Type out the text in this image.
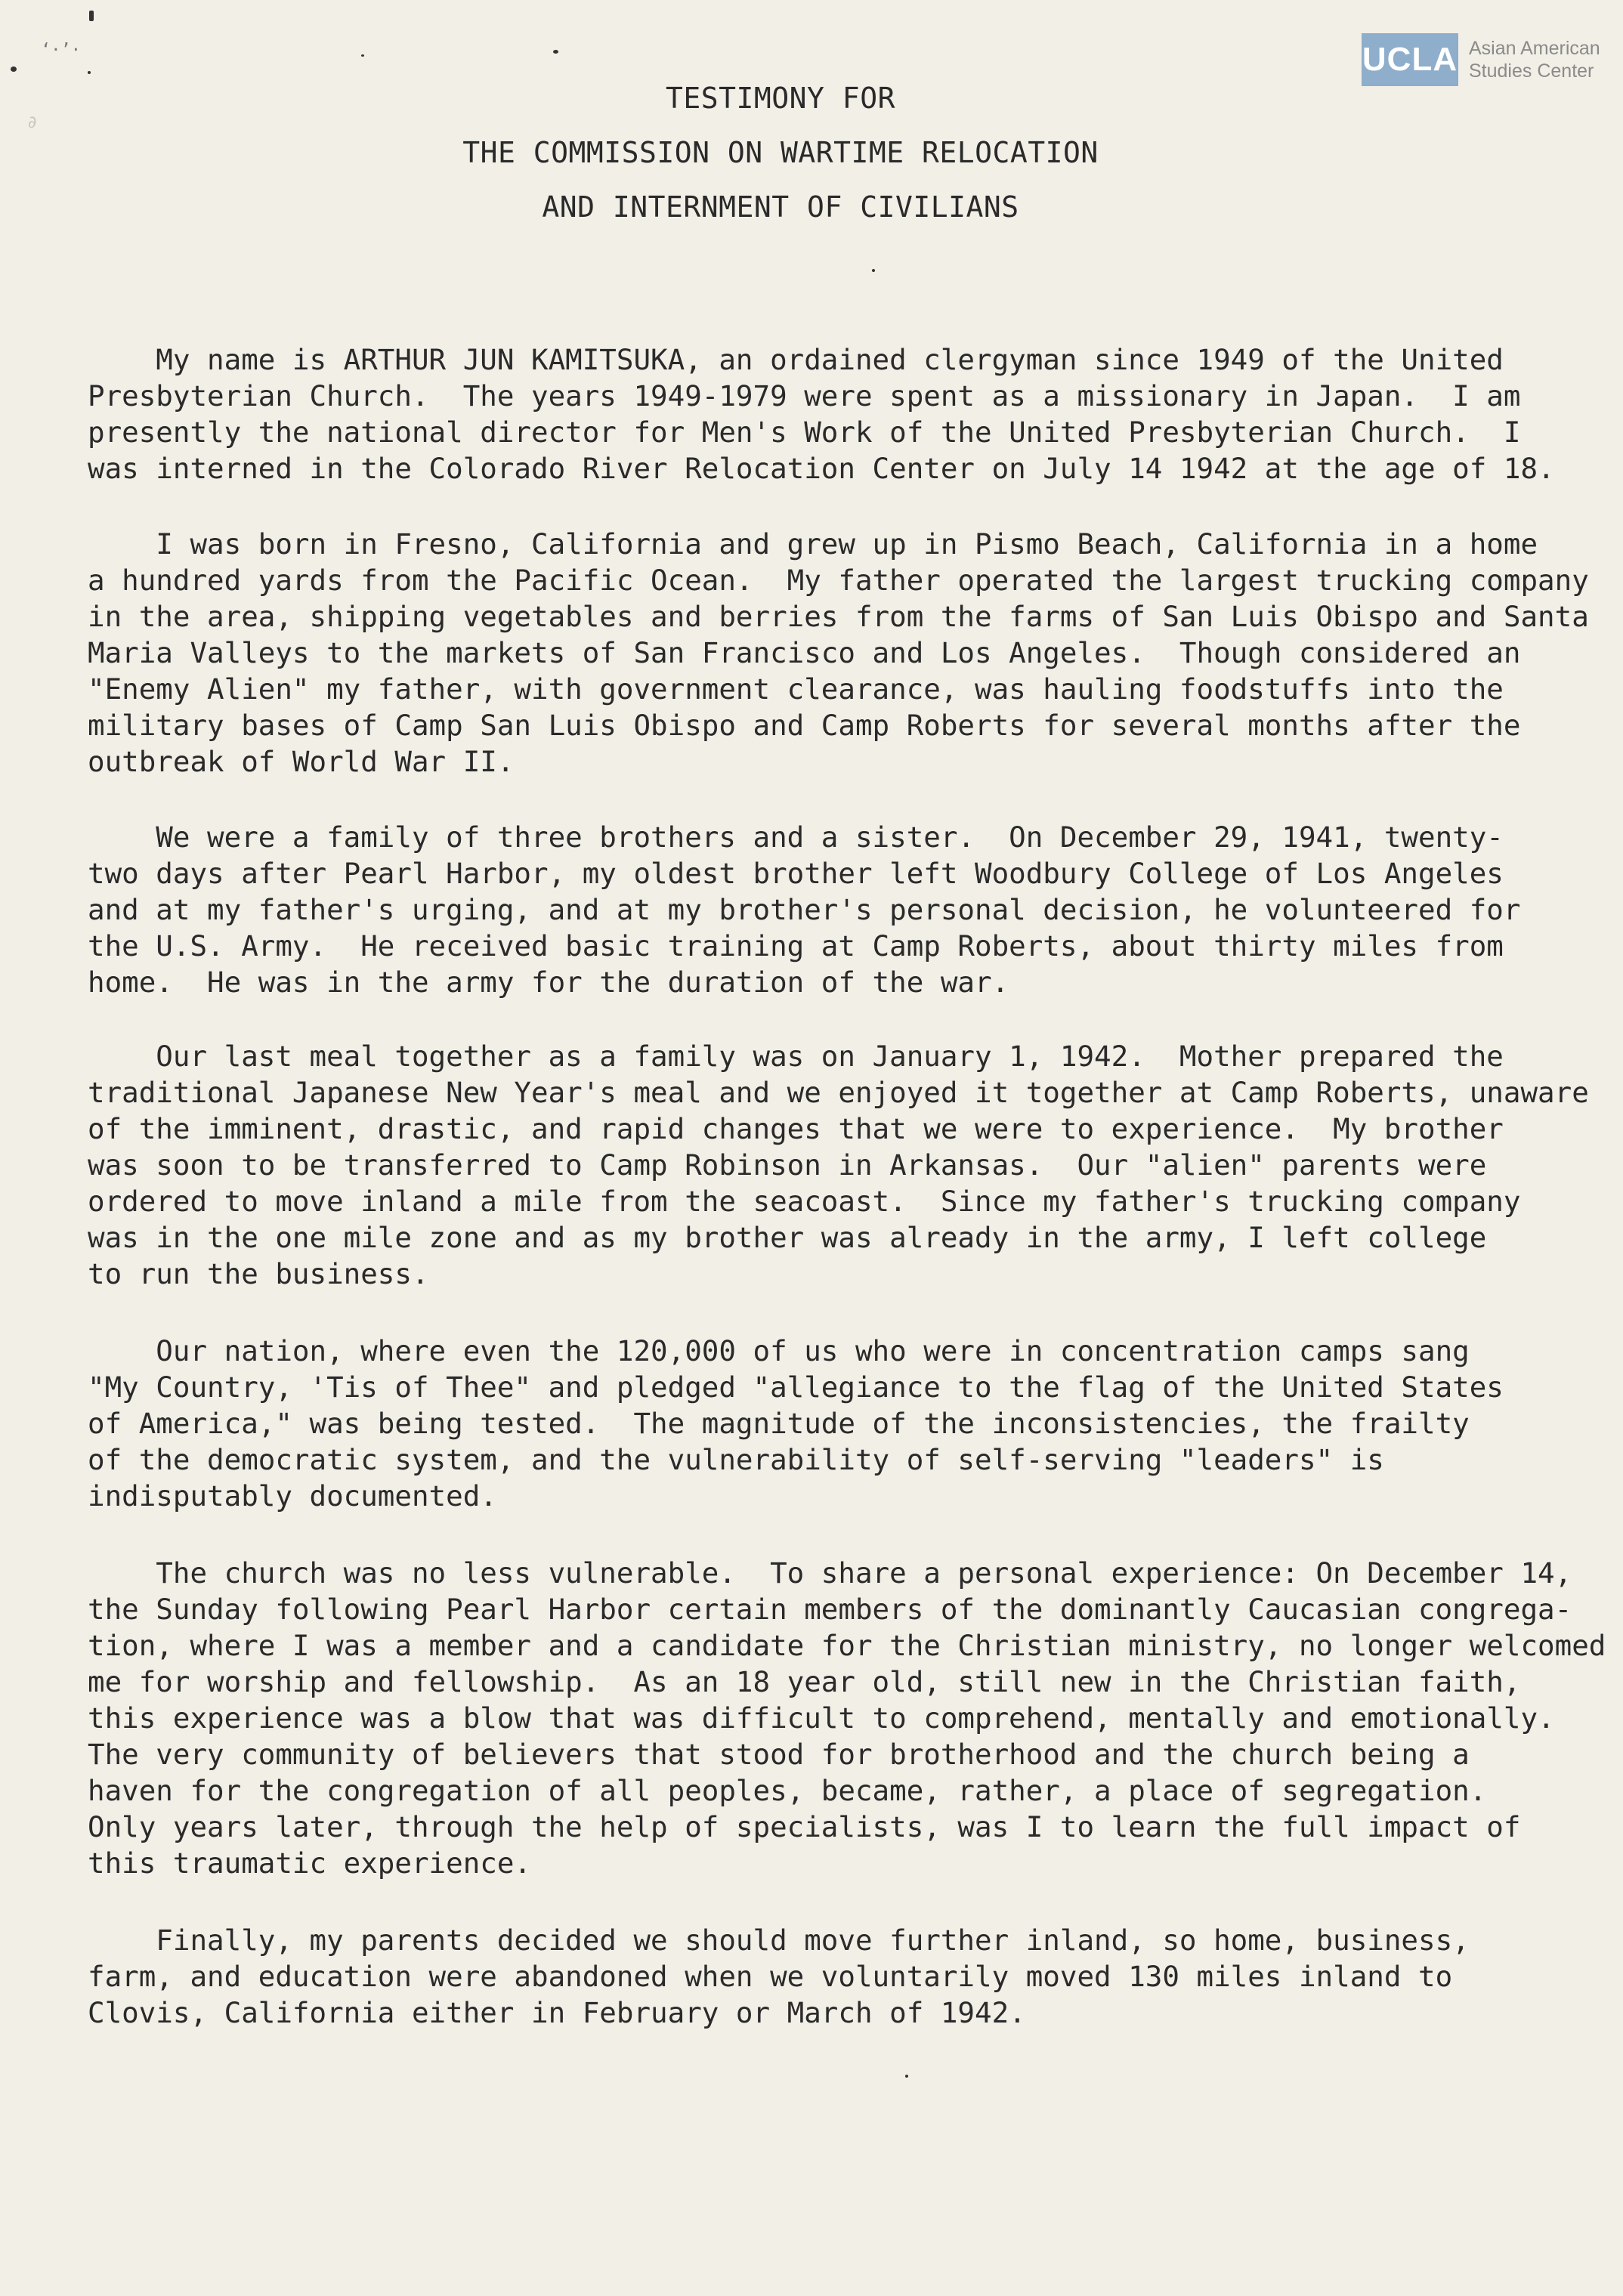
‘·’·
∂
UCLA Asian American
Studies Center
TESTIMONY FOR
THE COMMISSION ON WARTIME RELOCATION
AND INTERNMENT OF CIVILIANS
My name is ARTHUR JUN KAMITSUKA, an ordained clergyman since 1949 of the United
Presbyterian Church.  The years 1949-1979 were spent as a missionary in Japan.  I am
presently the national director for Men's Work of the United Presbyterian Church.  I
was interned in the Colorado River Relocation Center on July 14 1942 at the age of 18.
I was born in Fresno, California and grew up in Pismo Beach, California in a home
a hundred yards from the Pacific Ocean.  My father operated the largest trucking company
in the area, shipping vegetables and berries from the farms of San Luis Obispo and Santa
Maria Valleys to the markets of San Francisco and Los Angeles.  Though considered an
"Enemy Alien" my father, with government clearance, was hauling foodstuffs into the
military bases of Camp San Luis Obispo and Camp Roberts for several months after the
outbreak of World War II.
We were a family of three brothers and a sister.  On December 29, 1941, twenty-
two days after Pearl Harbor, my oldest brother left Woodbury College of Los Angeles
and at my father's urging, and at my brother's personal decision, he volunteered for
the U.S. Army.  He received basic training at Camp Roberts, about thirty miles from
home.  He was in the army for the duration of the war.
Our last meal together as a family was on January 1, 1942.  Mother prepared the
traditional Japanese New Year's meal and we enjoyed it together at Camp Roberts, unaware
of the imminent, drastic, and rapid changes that we were to experience.  My brother
was soon to be transferred to Camp Robinson in Arkansas.  Our "alien" parents were
ordered to move inland a mile from the seacoast.  Since my father's trucking company
was in the one mile zone and as my brother was already in the army, I left college
to run the business.
Our nation, where even the 120,000 of us who were in concentration camps sang
"My Country, 'Tis of Thee" and pledged "allegiance to the flag of the United States
of America," was being tested.  The magnitude of the inconsistencies, the frailty
of the democratic system, and the vulnerability of self-serving "leaders" is
indisputably documented.
The church was no less vulnerable.  To share a personal experience: On December 14,
the Sunday following Pearl Harbor certain members of the dominantly Caucasian congrega-
tion, where I was a member and a candidate for the Christian ministry, no longer welcomed
me for worship and fellowship.  As an 18 year old, still new in the Christian faith,
this experience was a blow that was difficult to comprehend, mentally and emotionally.
The very community of believers that stood for brotherhood and the church being a
haven for the congregation of all peoples, became, rather, a place of segregation.
Only years later, through the help of specialists, was I to learn the full impact of
this traumatic experience.
Finally, my parents decided we should move further inland, so home, business,
farm, and education were abandoned when we voluntarily moved 130 miles inland to
Clovis, California either in February or March of 1942.
